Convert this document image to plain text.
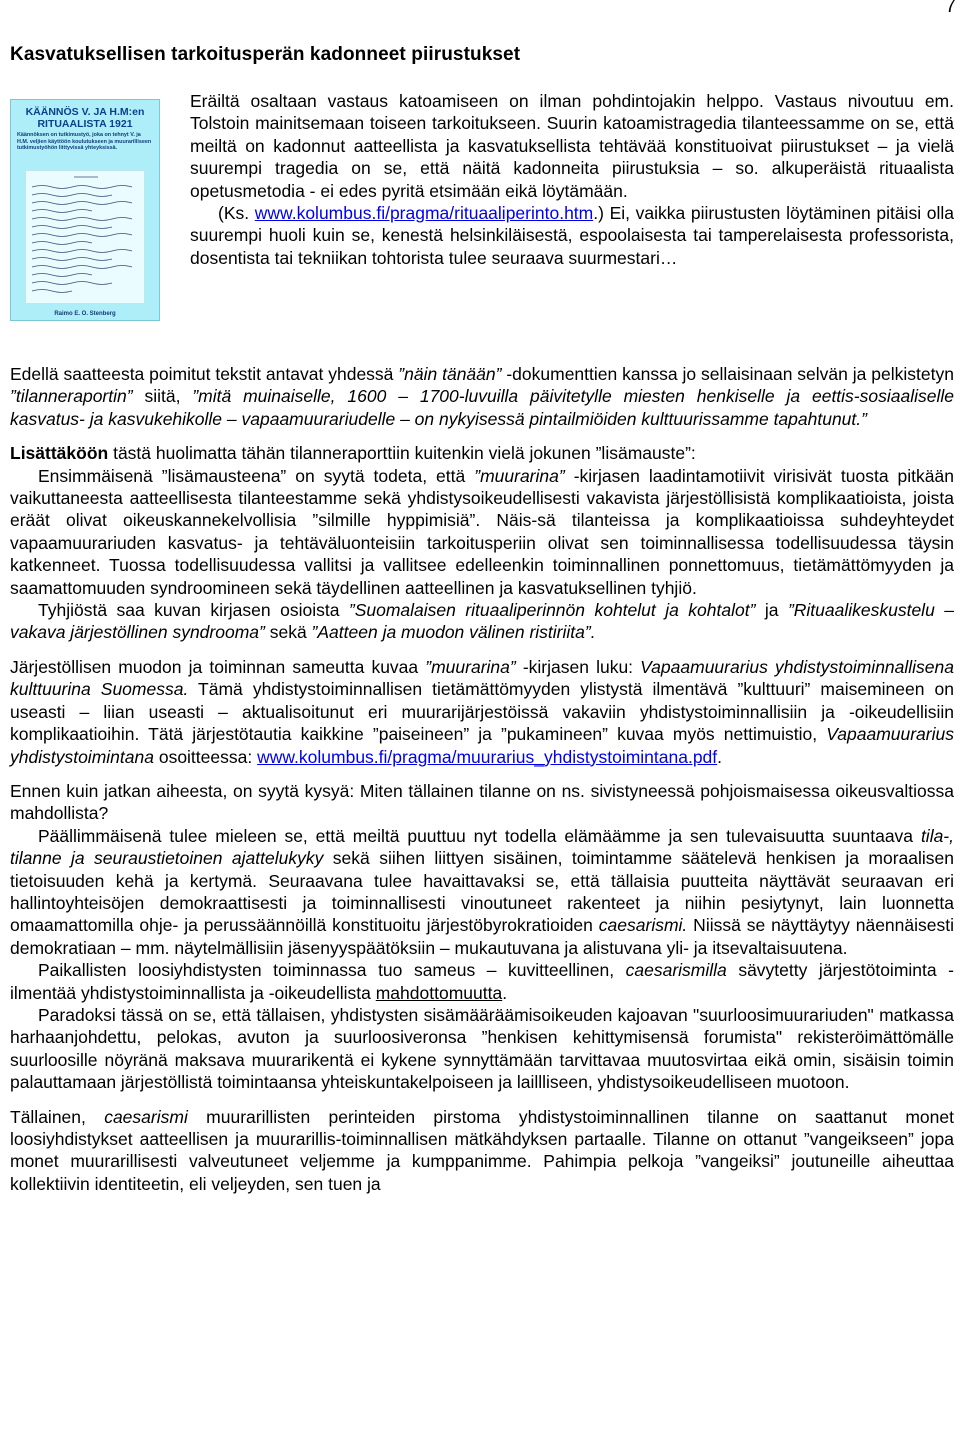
7
Kasvatuksellisen tarkoitusperän kadonneet piirustukset
KÄÄNNÖS V. JA H.M:en RITUAALISTA 1921
Käännöksen on tutkimustyö, joka on tehnyt V. ja H.M. veljien käyttöön koulutukseen ja muurarilliseen tutkimustyöhön liittyvissä yhteyksissä.
Raimo E. O. Stenberg

Eräiltä osaltaan vastaus katoamiseen on ilman pohdintojakin helppo. Vastaus nivoutuu em. Tolstoin mainitsemaan toiseen tarkoitukseen. Suurin katoamistragedia tilanteessamme on se, että meiltä on kadonnut aatteellista ja kasvatuksellista tehtävää konstituoivat piirustukset – ja vielä suurempi tragedia on se, että näitä kadonneita piirustuksia – so. alkuperäistä rituaalista opetusmetodia - ei edes pyritä etsimään eikä löytämään.

(Ks. www.kolumbus.fi/pragma/rituaaliperinto.htm.) Ei, vaikka piirustusten löytäminen pitäisi olla suurempi huoli kuin se, kenestä helsinkiläisestä, espoolaisesta tai tamperelaisesta professorista, dosentista tai tekniikan tohtorista tulee seuraava suurmestari…

Edellä saatteesta poimitut tekstit antavat yhdessä ”näin tänään” -dokumenttien kanssa jo sellaisinaan selvän ja pelkistetyn ”tilanneraportin” siitä, ”mitä muinaiselle, 1600 – 1700-luvuilla päivitetylle miesten henkiselle ja eettis-sosiaaliselle kasvatus- ja kasvukehikolle – vapaamuurariudelle – on nykyisessä pintailmiöiden kulttuurissamme tapahtunut.”

Lisättäköön tästä huolimatta tähän tilanneraporttiin kuitenkin vielä jokunen ”lisämauste”:

Ensimmäisenä ”lisämausteena” on syytä todeta, että ”muurarina” -kirjasen laadintamotiivit virisivät tuosta pitkään vaikuttaneesta aatteellisesta tilanteestamme sekä yhdistysoikeudellisesti vakavista järjestöllisistä komplikaatioista, joista eräät olivat oikeuskannekelvollisia ”silmille hyppimisiä”. Näis-sä tilanteissa ja komplikaatioissa suhdeyhteydet vapaamuurariuden kasvatus- ja tehtäväluonteisiin tarkoitusperiin olivat sen toiminnallisessa todellisuudessa täysin katkenneet. Tuossa todellisuudessa vallitsi ja vallitsee edelleenkin toiminnallinen ponnettomuus, tietämättömyyden ja saamattomuuden syndroomineen sekä täydellinen aatteellinen ja kasvatuksellinen tyhjiö.

Tyhjiöstä saa kuvan kirjasen osioista ”Suomalaisen rituaaliperinnön kohtelut ja kohtalot” ja ”Rituaalikeskustelu – vakava järjestöllinen syndrooma” sekä ”Aatteen ja muodon välinen ristiriita”.

Järjestöllisen muodon ja toiminnan sameutta kuvaa ”muurarina” -kirjasen luku: Vapaamuurarius yhdistystoiminnallisena kulttuurina Suomessa. Tämä yhdistystoiminnallisen tietämättömyyden ylistystä ilmentävä ”kulttuuri” maisemineen on useasti – liian useasti – aktualisoitunut eri muurarijärjestöissä vakaviin yhdistystoiminnallisiin ja -oikeudellisiin komplikaatioihin. Tätä järjestötautia kaikkine ”paiseineen” ja ”pukamineen” kuvaa myös nettimuistio, Vapaamuurarius yhdistystoimintana osoitteessa: www.kolumbus.fi/pragma/muurarius_yhdistystoimintana.pdf.

Ennen kuin jatkan aiheesta, on syytä kysyä: Miten tällainen tilanne on ns. sivistyneessä pohjoismaisessa oikeusvaltiossa mahdollista?

Päällimmäisenä tulee mieleen se, että meiltä puuttuu nyt todella elämäämme ja sen tulevaisuutta suuntaava tila-, tilanne ja seuraustietoinen ajattelukyky sekä siihen liittyen sisäinen, toimintamme säätelevä henkisen ja moraalisen tietoisuuden kehä ja kertymä. Seuraavana tulee havaittavaksi se, että tällaisia puutteita näyttävät seuraavan eri hallintoyhteisöjen demokraattisesti ja toiminnallisesti vinoutuneet rakenteet ja niihin pesiytynyt, lain luonnetta omaamattomilla ohje- ja perussäännöillä konstituoitu järjestöbyrokratioiden caesarismi. Niissä se näyttäytyy näennäisesti demokratiaan – mm. näytelmällisiin jäsenyyspäätöksiin – mukautuvana ja alistuvana yli- ja itsevaltaisuutena.

Paikallisten loosiyhdistysten toiminnassa tuo sameus – kuvitteellinen, caesarismilla sävytetty järjestötoiminta - ilmentää yhdistystoiminnallista ja -oikeudellista mahdottomuutta.

Paradoksi tässä on se, että tällaisen, yhdistysten sisämääräämisoikeuden kajoavan "suurloosimuurariuden" matkassa harhaanjohdettu, pelokas, avuton ja suurloosiveronsa ”henkisen kehittymisensä forumista" rekisteröimättömälle suurloosille nöyränä maksava muurarikentä ei kykene synnyttämään tarvittavaa muutosvirtaa eikä omin, sisäisin toimin palauttamaan järjestöllistä toimintaansa yhteiskuntakelpoiseen ja laillliseen, yhdistysoikeudelliseen muotoon.

Tällainen, caesarismi muurarillisten perinteiden pirstoma yhdistystoiminnallinen tilanne on saattanut monet loosiyhdistykset aatteellisen ja muurarillis-toiminnallisen mätkähdyksen partaalle. Tilanne on ottanut ”vangeikseen” jopa monet muurarillisesti valveutuneet veljemme ja kumppanimme. Pahimpia pelkoja ”vangeiksi” joutuneille aiheuttaa kollektiivin identiteetin, eli veljeyden, sen tuen ja
